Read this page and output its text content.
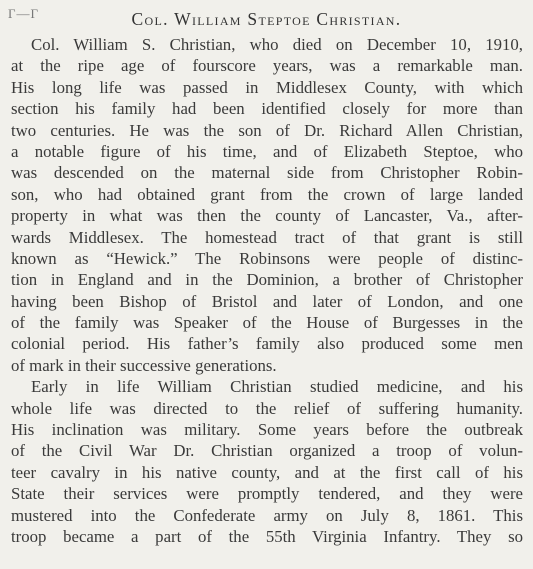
Γ—Γ	Col. William Steptoe Christian.
Col. William S. Christian, who died on December 10, 1910,
at the ripe age of fourscore years, was a remarkable man.
His long life was passed in Middlesex County, with which
section his family had been identified closely for more than
two centuries. He was the son of Dr. Richard Allen Christian,
a notable figure of his time, and of Elizabeth Steptoe, who
was descended on the maternal side from Christopher Robin-
son, who had obtained grant from the crown of large landed
property in what was then the county of Lancaster, Va., after-
wards Middlesex. The homestead tract of that grant is still
known as “Hewick.” The Robinsons were people of distinc-
tion in England and in the Dominion, a brother of Christopher
having been Bishop of Bristol and later of London, and one
of the family was Speaker of the House of Burgesses in the
colonial period. His father’s family also produced some men
of mark in their successive generations.
Early in life William Christian studied medicine, and his
whole life was directed to the relief of suffering humanity.
His inclination was military. Some years before the outbreak
of the Civil War Dr. Christian organized a troop of volun-
teer cavalry in his native county, and at the first call of his
State their services were promptly tendered, and they were
mustered into the Confederate army on July 8, 1861. This
troop became a part of the 55th Virginia Infantry. They so
